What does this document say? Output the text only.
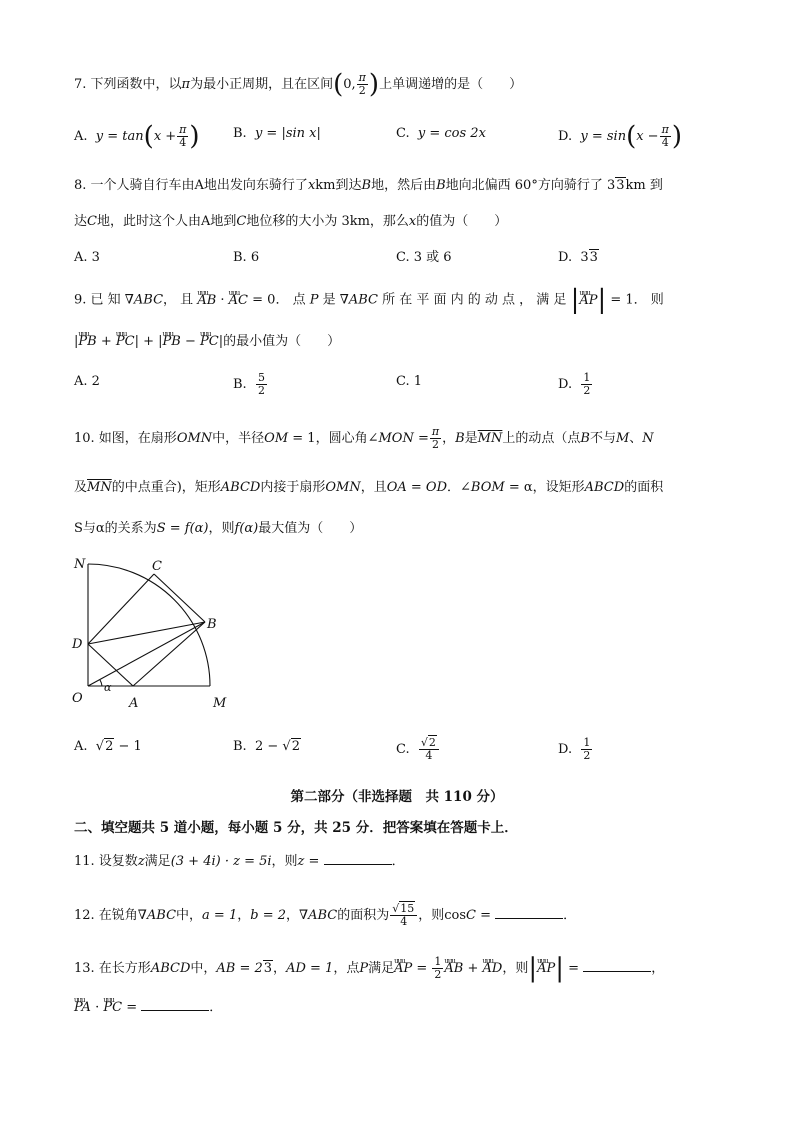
7. 下列函数中，以π为最小正周期，且在区间(0, $\frac{\pi}{2}$ )上单调递增的是（　　）
A. $y = \tan(x + \frac{\pi}{4}$ )	B. y = |sin x|	C. y = cos 2x	D. $y = \sin(x - \frac{\pi}{4}$ )
8. 一个人骑自行车由A地出发向东骑行了xkm到达B地，然后由B地向北偏西 60°方向骑行了 33km 到
达C地，此时这个人由A地到C地位移的大小为 3km，那么x的值为（　　）
A. 3	B. 6	C. 3 或 6	D. 33
9. 已 知 ∇ABC， 且 uuu AB · uuu AC = 0． 点 P 是 ∇ABC 所 在 平 面 内 的 动 点 ， 满 足 |uuu AP| = 1． 则
|uuu PB + uuu PC| + |uuu PB − uuu PC|的最小值为（　　）
A. 2	B. $\frac{5}{2}$	C. 1	D. $\frac{1}{2}$
10. 如图，在扇形OMN中，半径OM = 1，圆心角∠MON = $\frac{\pi}{2}$ ，B是$\overline{MN}$上的动点（点B不与M、N
及$\overline{MN}$的中点重合)，矩形ABCD内接于扇形OMN，且OA = OD．∠BOM = α，设矩形ABCD的面积
S与α的关系为S = f(α)，则f(α)最大值为（　　）
N	C
B
D
O	A	M
α
A.  √2 − 1	B. 2 − √2	C. $\frac{√2}{4}$	D. $\frac{1}{2}$
第二部分（非选择题　共 110 分）
二、填空题共 5 道小题，每小题 5 分，共 25 分．把答案填在答题卡上．
11. 设复数z满足(3 + 4i) · z = 5i，则z =	．
12. 在锐角∇ABC中，a = 1，b = 2，∇ABC的面积为 $\frac{√15}{4}$ ，则cosC =	．
13. 在长方形ABCD中，AB = 23，AD = 1，点P满足uuu AP = $\frac{1}{2}$ uuu AB + uuu AD，则|uuu AP| =	，
uuu PA · uuu PC =	．
